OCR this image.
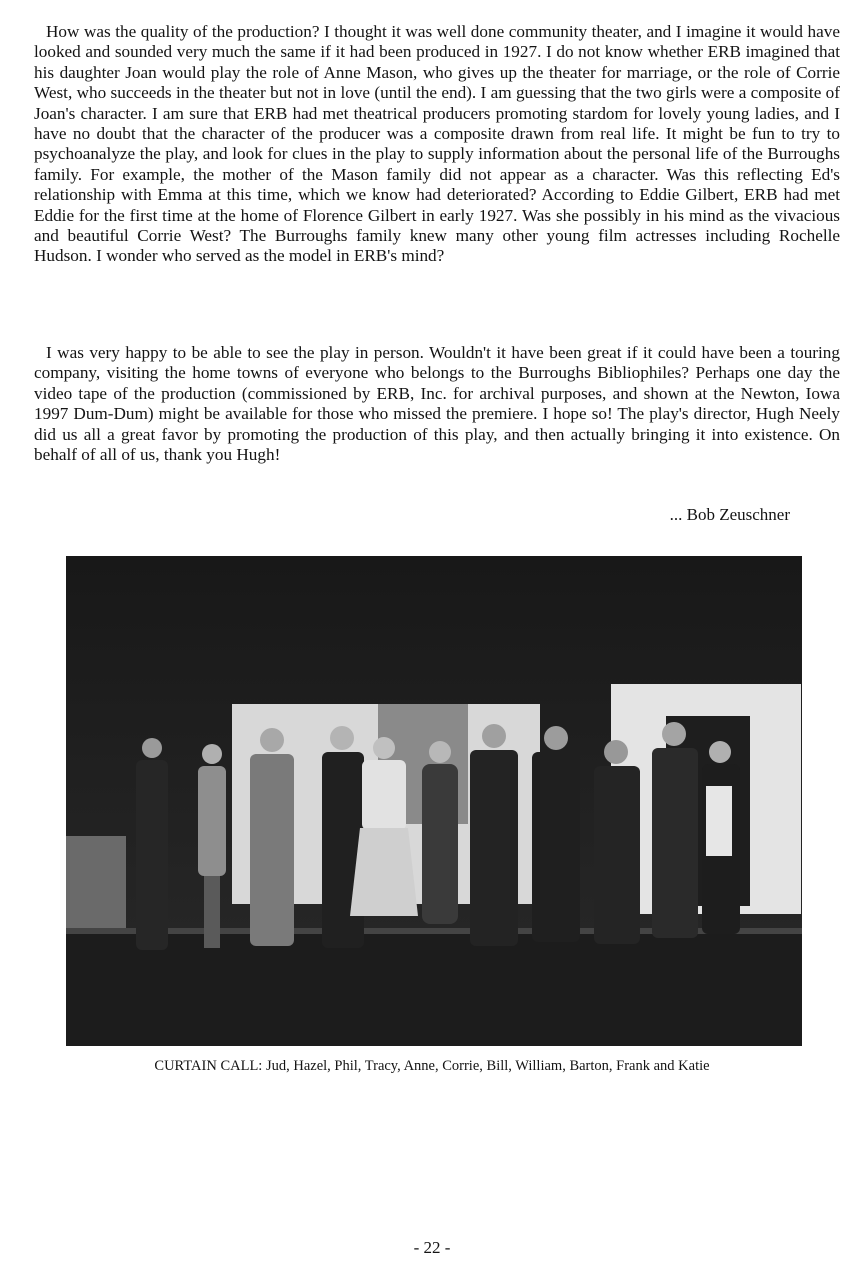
How was the quality of the production? I thought it was well done community theater, and I imagine it would have looked and sounded very much the same if it had been produced in 1927. I do not know whether ERB imagined that his daughter Joan would play the role of Anne Mason, who gives up the theater for marriage, or the role of Corrie West, who succeeds in the theater but not in love (until the end). I am guessing that the two girls were a composite of Joan's character. I am sure that ERB had met theatrical producers promoting stardom for lovely young ladies, and I have no doubt that the character of the producer was a composite drawn from real life. It might be fun to try to psychoanalyze the play, and look for clues in the play to supply information about the personal life of the Burroughs family. For example, the mother of the Mason family did not appear as a character. Was this reflecting Ed's relationship with Emma at this time, which we know had deteriorated? According to Eddie Gilbert, ERB had met Eddie for the first time at the home of Florence Gilbert in early 1927. Was she possibly in his mind as the vivacious and beautiful Corrie West? The Burroughs family knew many other young film actresses including Rochelle Hudson. I wonder who served as the model in ERB's mind?

I was very happy to be able to see the play in person. Wouldn't it have been great if it could have been a touring company, visiting the home towns of everyone who belongs to the Burroughs Bibliophiles? Perhaps one day the video tape of the production (commissioned by ERB, Inc. for archival purposes, and shown at the Newton, Iowa 1997 Dum-Dum) might be available for those who missed the premiere. I hope so! The play's director, Hugh Neely did us all a great favor by promoting the production of this play, and then actually bringing it into existence. On behalf of all of us, thank you Hugh!

... Bob Zeuschner

CURTAIN CALL: Jud, Hazel, Phil, Tracy, Anne, Corrie, Bill, William, Barton, Frank and Katie

- 22 -
